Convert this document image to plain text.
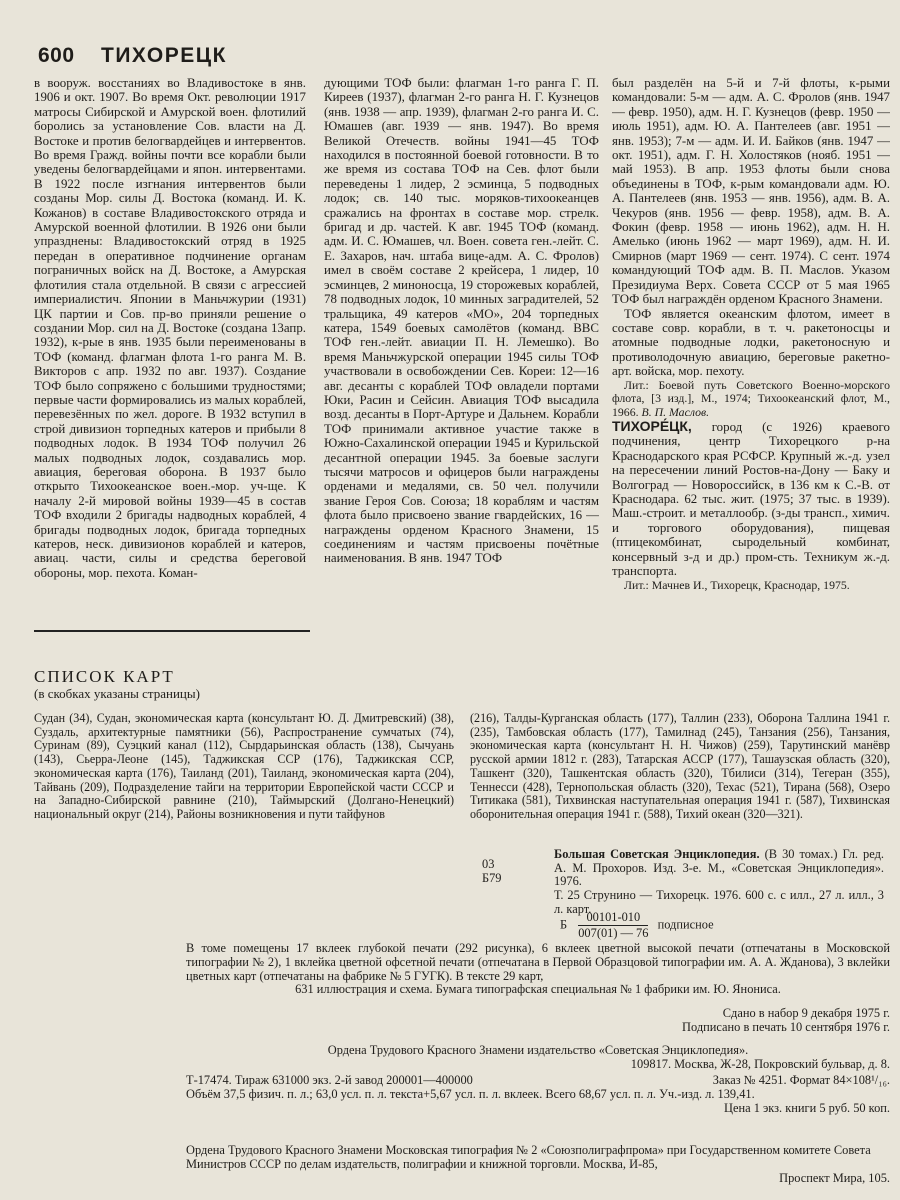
600 ТИХОРЕЦК

в вооруж. восстаниях во Владивостоке в янв. 1906 и окт. 1907. Во время Окт. революции 1917 матросы Сибирской и Амурской воен. флотилий боролись за установление Сов. власти на Д. Востоке и против белогвардейцев и интервентов. Во время Гражд. войны почти все корабли были уведены белогвардейцами и япон. интервентами. В 1922 после изгнания интервентов были созданы Мор. силы Д. Востока (команд. И. К. Кожанов) в составе Владивостокского отряда и Амурской военной флотилии. В 1926 они были упразднены: Владивостокский отряд в 1925 передан в оперативное подчинение органам пограничных войск на Д. Востоке, а Амурская флотилия стала отдельной. В связи с агрессией империалистич. Японии в Маньчжурии (1931) ЦК партии и Сов. пр-во приняли решение о создании Мор. сил на Д. Востоке (создана 13апр. 1932), к-рые в янв. 1935 были переименованы в ТОФ (команд. флагман флота 1-го ранга М. В. Викторов с апр. 1932 по авг. 1937). Создание ТОФ было сопряжено с большими трудностями; первые части формировались из малых кораблей, перевезённых по жел. дороге. В 1932 вступил в строй дивизион торпедных катеров и прибыли 8 подводных лодок. В 1934 ТОФ получил 26 малых подводных лодок, создавались мор. авиация, береговая оборона. В 1937 было открыто Тихоокеанское воен.-мор. уч-ще. К началу 2-й мировой войны 1939—45 в состав ТОФ входили 2 бригады надводных кораблей, 4 бригады подводных лодок, бригада торпедных катеров, неск. дивизионов кораблей и катеров, авиац. части, силы и средства береговой обороны, мор. пехота. Коман-

дующими ТОФ были: флагман 1-го ранга Г. П. Киреев (1937), флагман 2-го ранга Н. Г. Кузнецов (янв. 1938 — апр. 1939), флагман 2-го ранга И. С. Юмашев (авг. 1939 — янв. 1947). Во время Великой Отечеств. войны 1941—45 ТОФ находился в постоянной боевой готовности. В то же время из состава ТОФ на Сев. флот были переведены 1 лидер, 2 эсминца, 5 подводных лодок; св. 140 тыс. моряков-тихоокеанцев сражались на фронтах в составе мор. стрелк. бригад и др. частей. К авг. 1945 ТОФ (команд. адм. И. С. Юмашев, чл. Воен. совета ген.-лейт. С. Е. Захаров, нач. штаба вице-адм. А. С. Фролов) имел в своём составе 2 крейсера, 1 лидер, 10 эсминцев, 2 миноносца, 19 сторожевых кораблей, 78 подводных лодок, 10 минных заградителей, 52 тральщика, 49 катеров «МО», 204 торпедных катера, 1549 боевых самолётов (команд. ВВС ТОФ ген.-лейт. авиации П. Н. Лемешко). Во время Маньчжурской операции 1945 силы ТОФ участвовали в освобождении Сев. Кореи: 12—16 авг. десанты с кораблей ТОФ овладели портами Юки, Расин и Сейсин. Авиация ТОФ высадила возд. десанты в Порт-Артуре и Дальнем. Корабли ТОФ принимали активное участие также в Южно-Сахалинской операции 1945 и Курильской десантной операции 1945. За боевые заслуги тысячи матросов и офицеров были награждены орденами и медалями, св. 50 чел. получили звание Героя Сов. Союза; 18 кораблям и частям флота было присвоено звание гвардейских, 16 — награждены орденом Красного Знамени, 15 соединениям и частям присвоены почётные наименования. В янв. 1947 ТОФ

был разделён на 5-й и 7-й флоты, к-рыми командовали: 5-м — адм. А. С. Фролов (янв. 1947 — февр. 1950), адм. Н. Г. Кузнецов (февр. 1950 — июль 1951), адм. Ю. А. Пантелеев (авг. 1951 — янв. 1953); 7-м — адм. И. И. Байков (янв. 1947 — окт. 1951), адм. Г. Н. Холостяков (нояб. 1951 — май 1953). В апр. 1953 флоты были снова объединены в ТОФ, к-рым командовали адм. Ю. А. Пантелеев (янв. 1953 — янв. 1956), адм. В. А. Чекуров (янв. 1956 — февр. 1958), адм. В. А. Фокин (февр. 1958 — июнь 1962), адм. Н. Н. Амелько (июнь 1962 — март 1969), адм. Н. И. Смирнов (март 1969 — сент. 1974). С сент. 1974 командующий ТОФ адм. В. П. Маслов. Указом Президиума Верх. Совета СССР от 5 мая 1965 ТОФ был награждён орденом Красного Знамени.

ТОФ является океанским флотом, имеет в составе совр. корабли, в т. ч. ракетоносцы и атомные подводные лодки, ракетоносную и противолодочную авиацию, береговые ракетно-арт. войска, мор. пехоту.

Лит.: Боевой путь Советского Военно-морского флота, [3 изд.], М., 1974; Тихоокеанский флот, М., 1966. В. П. Маслов.

ТИХОРЕ́ЦК, город (с 1926) краевого подчинения, центр Тихорецкого р-на Краснодарского края РСФСР. Крупный ж.-д. узел на пересечении линий Ростов-на-Дону — Баку и Волгоград — Новороссийск, в 136 км к С.-В. от Краснодара. 62 тыс. жит. (1975; 37 тыс. в 1939). Маш.-строит. и металлообр. (з-ды трансп., химич. и торгового оборудования), пищевая (птицекомбинат, сыродельный комбинат, консервный з-д и др.) пром-сть. Техникум ж.-д. транспорта.

Лит.: Мачнев И., Тихорецк, Краснодар, 1975.

СПИСОК КАРТ
(в скобках указаны страницы)
Судан (34), Судан, экономическая карта (консультант Ю. Д. Дмитревский) (38), Суздаль, архитектурные памятники (56), Распространение сумчатых (74), Суринам (89), Суэцкий канал (112), Сырдарьинская область (138), Сычуань (143), Сьерра-Леоне (145), Таджикская ССР (176), Таджикская ССР, экономическая карта (176), Таиланд (201), Таиланд, экономическая карта (204), Тайвань (209), Подразделение тайги на территории Европейской части СССР и на Западно-Сибирской равнине (210), Таймырский (Долгано-Ненецкий) национальный округ (214), Районы возникновения и пути тайфунов
(216), Талды-Курганская область (177), Таллин (233), Оборона Таллина 1941 г. (235), Тамбовская область (177), Тамилнад (245), Танзания (256), Танзания, экономическая карта (консультант Н. Н. Чижов) (259), Тарутинский манёвр русской армии 1812 г. (283), Татарская АССР (177), Ташаузская область (320), Ташкент (320), Ташкентская область (320), Тбилиси (314), Тегеран (355), Теннесси (428), Тернопольская область (320), Техас (521), Тирана (568), Озеро Титикака (581), Тихвинская наступательная операция 1941 г. (587), Тихвинская оборонительная операция 1941 г. (588), Тихий океан (320—321).
03
Б79
Большая Советская Энциклопедия. (В 30 томах.) Гл. ред. А. М. Прохоров. Изд. 3-е. М., «Советская Энциклопедия». 1976.
Т. 25 Струнино — Тихорецк. 1976. 600 с. с илл., 27 л. илл., 3 л. карт.
Б $\frac{00101-010}{007(01) — 76}$ подписное
В томе помещены 17 вклеек глубокой печати (292 рисунка), 6 вклеек цветной высокой печати (отпечатаны в Московской типографии № 2), 1 вклейка цветной офсетной печати (отпечатана в Первой Образцовой типографии им. А. А. Жданова), 3 вклейки цветных карт (отпечатаны на фабрике № 5 ГУГК). В тексте 29 карт,
631 иллюстрация и схема. Бумага типографская специальная № 1 фабрики им. Ю. Янониса.
Сдано в набор 9 декабря 1975 г.
Подписано в печать 10 сентября 1976 г.
Ордена Трудового Красного Знамени издательство «Советская Энциклопедия».
109817. Москва, Ж-28, Покровский бульвар, д. 8.
Т-17474. Тираж 631000 экз. 2-й завод 200001—400000	Заказ № 4251. Формат 84×108¹/₁₆.
Объём 37,5 физич. п. л.; 63,0 усл. п. л. текста+5,67 усл. п. л. вклеек. Всего 68,67 усл. п. л. Уч.-изд. л. 139,41.
Цена 1 экз. книги 5 руб. 50 коп.
Ордена Трудового Красного Знамени Московская типография № 2 «Союзполиграфпрома» при Государственном комитете Совета Министров СССР по делам издательств, полиграфии и книжной торговли. Москва, И-85,
Проспект Мира, 105.
